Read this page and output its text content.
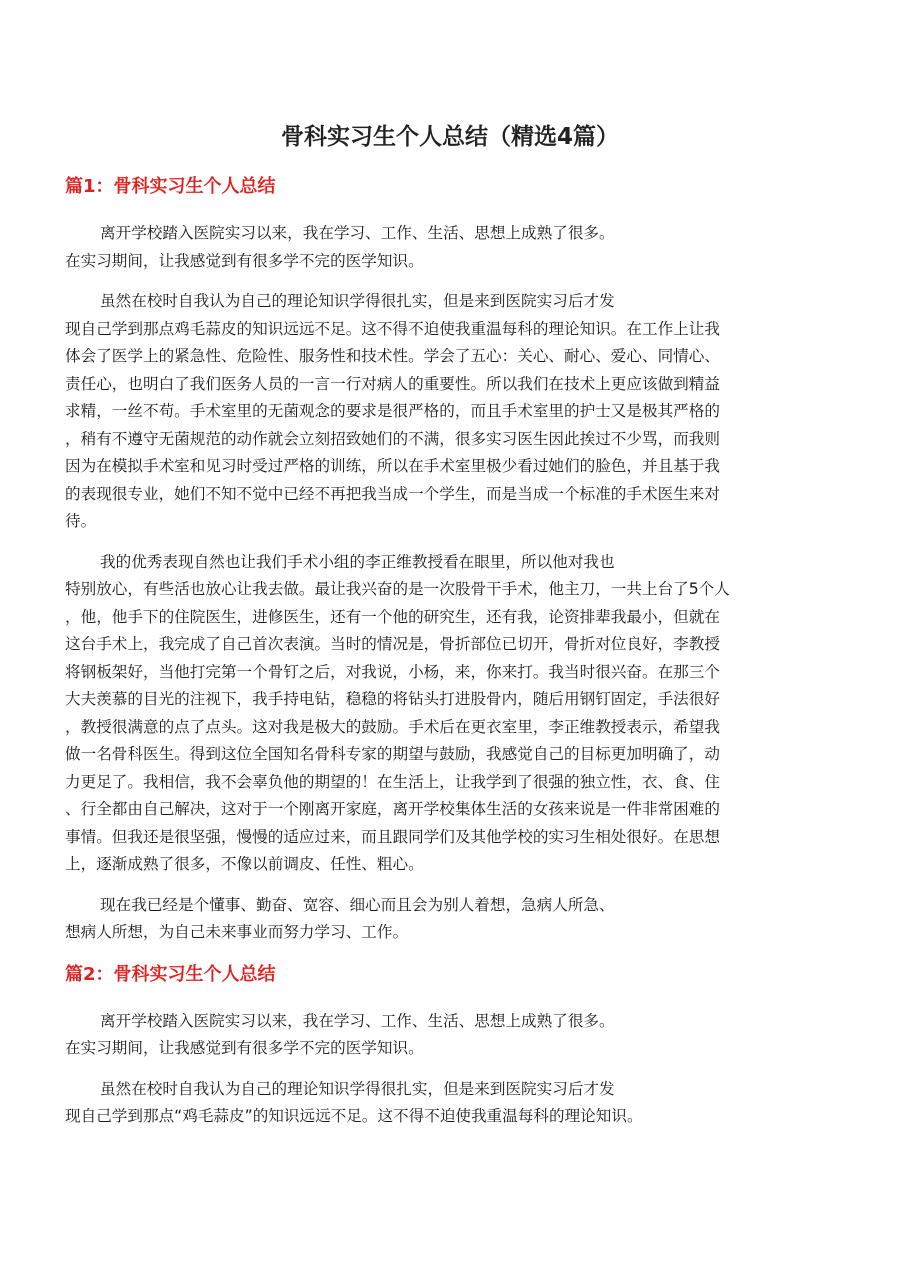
骨科实习生个人总结（精选4篇）
篇1：骨科实习生个人总结
离开学校踏入医院实习以来，我在学习、工作、生活、思想上成熟了很多。
在实习期间，让我感觉到有很多学不完的医学知识。
虽然在校时自我认为自己的理论知识学得很扎实，但是来到医院实习后才发
现自己学到那点鸡毛蒜皮的知识远远不足。这不得不迫使我重温每科的理论知识。在工作上让我
体会了医学上的紧急性、危险性、服务性和技术性。学会了五心：关心、耐心、爱心、同情心、
责任心，也明白了我们医务人员的一言一行对病人的重要性。所以我们在技术上更应该做到精益
求精，一丝不苟。手术室里的无菌观念的要求是很严格的，而且手术室里的护士又是极其严格的
，稍有不遵守无菌规范的动作就会立刻招致她们的不满，很多实习医生因此挨过不少骂，而我则
因为在模拟手术室和见习时受过严格的训练，所以在手术室里极少看过她们的脸色，并且基于我
的表现很专业，她们不知不觉中已经不再把我当成一个学生，而是当成一个标准的手术医生来对
待。
我的优秀表现自然也让我们手术小组的李正维教授看在眼里，所以他对我也
特别放心，有些活也放心让我去做。最让我兴奋的是一次股骨干手术，他主刀，一共上台了5个人
，他，他手下的住院医生，进修医生，还有一个他的研究生，还有我，论资排辈我最小，但就在
这台手术上，我完成了自己首次表演。当时的情况是，骨折部位已切开，骨折对位良好，李教授
将钢板架好，当他打完第一个骨钉之后，对我说，小杨，来，你来打。我当时很兴奋。在那三个
大夫羡慕的目光的注视下，我手持电钻，稳稳的将钻头打进股骨内，随后用钢钉固定，手法很好
，教授很满意的点了点头。这对我是极大的鼓励。手术后在更衣室里，李正维教授表示，希望我
做一名骨科医生。得到这位全国知名骨科专家的期望与鼓励，我感觉自己的目标更加明确了，动
力更足了。我相信，我不会辜负他的期望的！在生活上，让我学到了很强的独立性，衣、食、住
、行全都由自己解决，这对于一个刚离开家庭，离开学校集体生活的女孩来说是一件非常困难的
事情。但我还是很坚强，慢慢的适应过来，而且跟同学们及其他学校的实习生相处很好。在思想
上，逐渐成熟了很多，不像以前调皮、任性、粗心。
现在我已经是个懂事、勤奋、宽容、细心而且会为别人着想，急病人所急、
想病人所想，为自己未来事业而努力学习、工作。
篇2：骨科实习生个人总结
离开学校踏入医院实习以来，我在学习、工作、生活、思想上成熟了很多。
在实习期间，让我感觉到有很多学不完的医学知识。
虽然在校时自我认为自己的理论知识学得很扎实，但是来到医院实习后才发
现自己学到那点“鸡毛蒜皮”的知识远远不足。这不得不迫使我重温每科的理论知识。
